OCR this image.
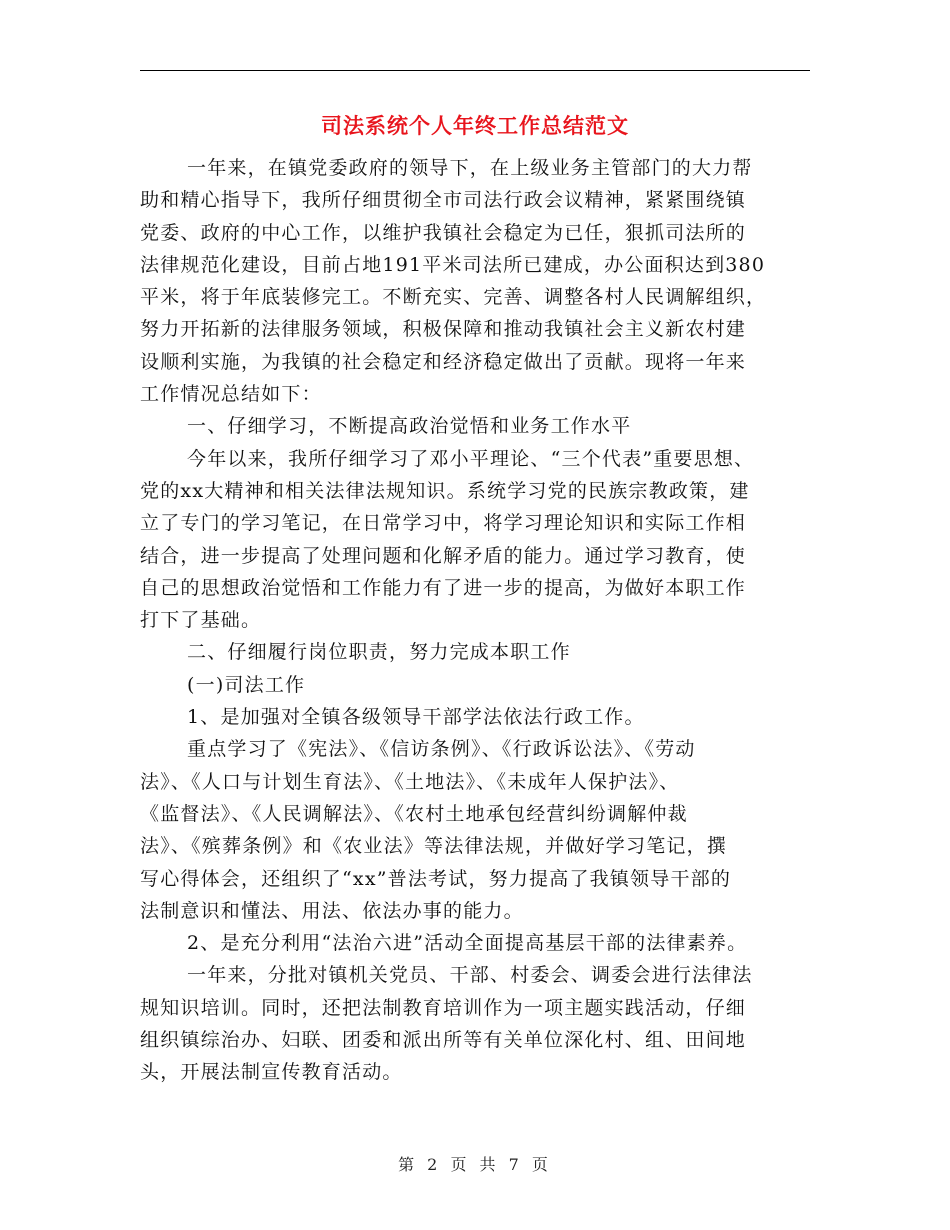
司法系统个人年终工作总结范文
一年来，在镇党委政府的领导下，在上级业务主管部门的大力帮
助和精心指导下，我所仔细贯彻全市司法行政会议精神，紧紧围绕镇
党委、政府的中心工作，以维护我镇社会稳定为已任，狠抓司法所的
法律规范化建设，目前占地191平米司法所已建成，办公面积达到380
平米，将于年底装修完工。不断充实、完善、调整各村人民调解组织，
努力开拓新的法律服务领域，积极保障和推动我镇社会主义新农村建
设顺利实施，为我镇的社会稳定和经济稳定做出了贡献。现将一年来
工作情况总结如下：
一、仔细学习，不断提高政治觉悟和业务工作水平
今年以来，我所仔细学习了邓小平理论、“三个代表”重要思想、
党的xx大精神和相关法律法规知识。系统学习党的民族宗教政策，建
立了专门的学习笔记，在日常学习中，将学习理论知识和实际工作相
结合，进一步提高了处理问题和化解矛盾的能力。通过学习教育，使
自己的思想政治觉悟和工作能力有了进一步的提高，为做好本职工作
打下了基础。
二、仔细履行岗位职责，努力完成本职工作
(一)司法工作
1、是加强对全镇各级领导干部学法依法行政工作。
重点学习了《宪法》、《信访条例》、《行政诉讼法》、《劳动
法》、《人口与计划生育法》、《土地法》、《未成年人保护法》、
《监督法》、《人民调解法》、《农村土地承包经营纠纷调解仲裁
法》、《殡葬条例》和《农业法》等法律法规，并做好学习笔记，撰
写心得体会，还组织了“xx”普法考试，努力提高了我镇领导干部的
法制意识和懂法、用法、依法办事的能力。
2、是充分利用“法治六进”活动全面提高基层干部的法律素养。
一年来，分批对镇机关党员、干部、村委会、调委会进行法律法
规知识培训。同时，还把法制教育培训作为一项主题实践活动，仔细
组织镇综治办、妇联、团委和派出所等有关单位深化村、组、田间地
头，开展法制宣传教育活动。
第 2 页 共 7 页
